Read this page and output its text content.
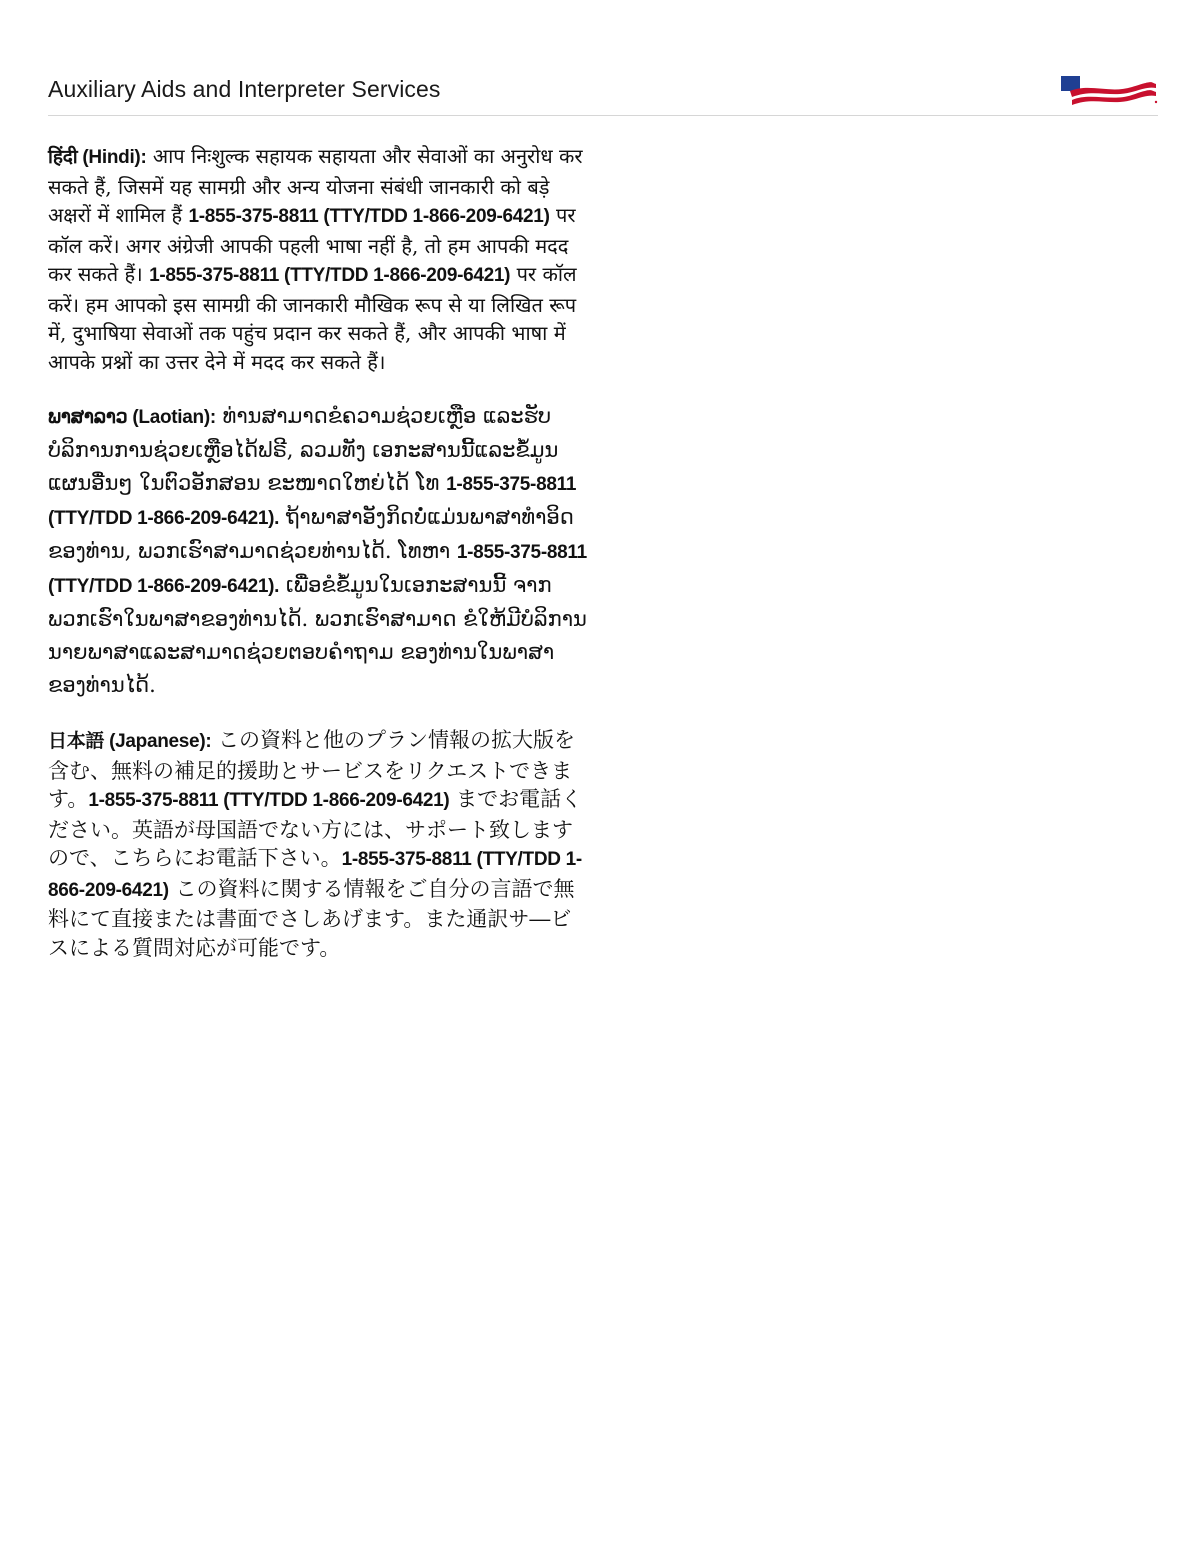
Auxiliary Aids and Interpreter Services

हिंदी (Hindi): आप निःशुल्क सहायक सहायता और सेवाओं का अनुरोध कर सकते हैं, जिसमें यह सामग्री और अन्य योजना संबंधी जानकारी को बड़े अक्षरों में शामिल हैं 1-855-375-8811 (TTY/TDD 1-866-209-6421) पर कॉल करें। अगर अंग्रेजी आपकी पहली भाषा नहीं है, तो हम आपकी मदद कर सकते हैं। 1-855-375-8811 (TTY/TDD 1-866-209-6421) पर कॉल करें। हम आपको इस सामग्री की जानकारी मौखिक रूप से या लिखित रूप में, दुभाषिया सेवाओं तक पहुंच प्रदान कर सकते हैं, और आपकी भाषा में आपके प्रश्नों का उत्तर देने में मदद कर सकते हैं।

ພາສາລາວ (Laotian): ທ່ານສາມາດຂໍຄວາມຊ່ວຍເຫຼືອ ແລະຮັບບໍລິການການຊ່ວຍເຫຼືອໄດ້ຟຣີ, ລວມທັງ ເອກະສານນີ້ແລະຂໍ້ມູນແຜນອື່ນໆ ໃນຕົວອັກສອນ ຂະໜາດໃຫຍ່ໄດ້ ໂທ 1-855-375-8811 (TTY/TDD 1-866-209-6421). ຖ້າພາສາອັງກິດບໍ່ແມ່ນພາສາທຳອິດຂອງທ່ານ, ພວກເຮົາສາມາດຊ່ວຍທ່ານໄດ້. ໂທຫາ 1-855-375-8811 (TTY/TDD 1-866-209-6421). ເພື່ອຂໍຂໍ້ມູນໃນເອກະສານນີ້ ຈາກພວກເຮົາໃນພາສາຂອງທ່ານໄດ້. ພວກເຮົາສາມາດ ຂໍໃຫ້ມີບໍລິການນາຍພາສາແລະສາມາດຊ່ວຍຕອບຄຳຖາມ ຂອງທ່ານໃນພາສາຂອງທ່ານໄດ້.

日本語 (Japanese): この資料と他のプラン情報の拡大版を含む、無料の補足的援助とサービスをリクエストできます。1-855-375-8811 (TTY/TDD 1-866-209-6421) までお電話ください。英語が母国語でない方には、サポート致しますので、こちらにお電話下さい。1-855-375-8811 (TTY/TDD 1-866-209-6421) この資料に関する情報をご自分の言語で無料にて直接または書面でさしあげます。また通訳サ―ビスによる質問対応が可能です。
